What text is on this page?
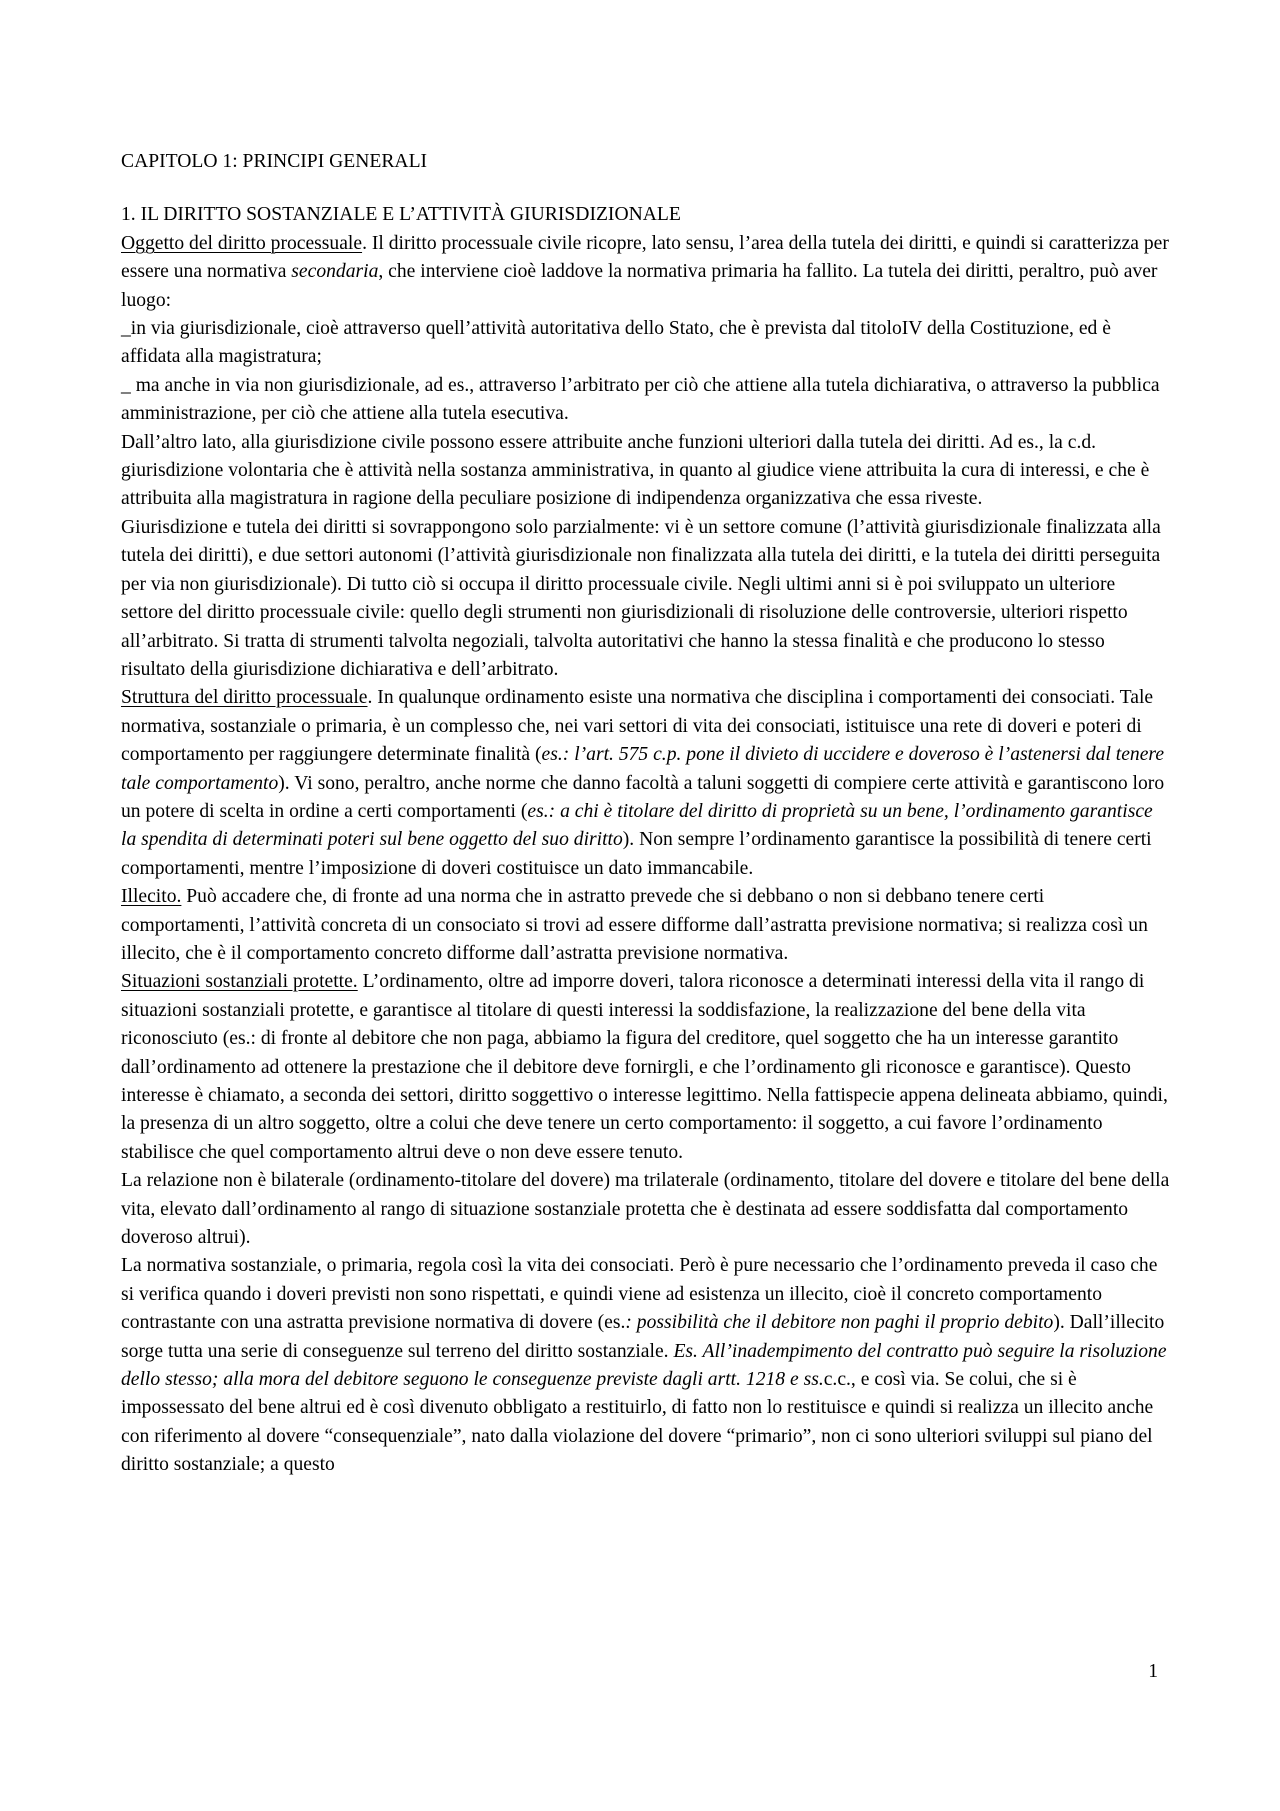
CAPITOLO 1: PRINCIPI GENERALI
1. IL DIRITTO SOSTANZIALE E L’ATTIVITÀ GIURISDIZIONALE

Oggetto del diritto processuale. Il diritto processuale civile ricopre, lato sensu, l’area della tutela dei diritti, e quindi si caratterizza per essere una normativa secondaria, che interviene cioè laddove la normativa primaria ha fallito. La tutela dei diritti, peraltro, può aver luogo:

_in via giurisdizionale, cioè attraverso quell’attività autoritativa dello Stato, che è prevista dal titoloIV della Costituzione, ed è affidata alla magistratura;

_ ma anche in via non giurisdizionale, ad es., attraverso l’arbitrato per ciò che attiene alla tutela dichiarativa, o attraverso la pubblica amministrazione, per ciò che attiene alla tutela esecutiva.

Dall’altro lato, alla giurisdizione civile possono essere attribuite anche funzioni ulteriori dalla tutela dei diritti. Ad es., la c.d. giurisdizione volontaria che è attività nella sostanza amministrativa, in quanto al giudice viene attribuita la cura di interessi, e che è attribuita alla magistratura in ragione della peculiare posizione di indipendenza organizzativa che essa riveste.

Giurisdizione e tutela dei diritti si sovrappongono solo parzialmente: vi è un settore comune (l’attività giurisdizionale finalizzata alla tutela dei diritti), e due settori autonomi (l’attività giurisdizionale non finalizzata alla tutela dei diritti, e la tutela dei diritti perseguita per via non giurisdizionale). Di tutto ciò si occupa il diritto processuale civile. Negli ultimi anni si è poi sviluppato un ulteriore settore del diritto processuale civile: quello degli strumenti non giurisdizionali di risoluzione delle controversie, ulteriori rispetto all’arbitrato. Si tratta di strumenti talvolta negoziali, talvolta autoritativi che hanno la stessa finalità e che producono lo stesso risultato della giurisdizione dichiarativa e dell’arbitrato.

Struttura del diritto processuale. In qualunque ordinamento esiste una normativa che disciplina i comportamenti dei consociati. Tale normativa, sostanziale o primaria, è un complesso che, nei vari settori di vita dei consociati, istituisce una rete di doveri e poteri di comportamento per raggiungere determinate finalità (es.: l’art. 575 c.p. pone il divieto di uccidere e doveroso è l’astenersi dal tenere tale comportamento). Vi sono, peraltro, anche norme che danno facoltà a taluni soggetti di compiere certe attività e garantiscono loro un potere di scelta in ordine a certi comportamenti (es.: a chi è titolare del diritto di proprietà su un bene, l’ordinamento garantisce la spendita di determinati poteri sul bene oggetto del suo diritto). Non sempre l’ordinamento garantisce la possibilità di tenere certi comportamenti, mentre l’imposizione di doveri costituisce un dato immancabile.

Illecito. Può accadere che, di fronte ad una norma che in astratto prevede che si debbano o non si debbano tenere certi comportamenti, l’attività concreta di un consociato si trovi ad essere difforme dall’astratta previsione normativa; si realizza così un illecito, che è il comportamento concreto difforme dall’astratta previsione normativa.

Situazioni sostanziali protette. L’ordinamento, oltre ad imporre doveri, talora riconosce a determinati interessi della vita il rango di situazioni sostanziali protette, e garantisce al titolare di questi interessi la soddisfazione, la realizzazione del bene della vita riconosciuto (es.: di fronte al debitore che non paga, abbiamo la figura del creditore, quel soggetto che ha un interesse garantito dall’ordinamento ad ottenere la prestazione che il debitore deve fornirgli, e che l’ordinamento gli riconosce e garantisce). Questo interesse è chiamato, a seconda dei settori, diritto soggettivo o interesse legittimo. Nella fattispecie appena delineata abbiamo, quindi, la presenza di un altro soggetto, oltre a colui che deve tenere un certo comportamento: il soggetto, a cui favore l’ordinamento stabilisce che quel comportamento altrui deve o non deve essere tenuto.

La relazione non è bilaterale (ordinamento-titolare del dovere) ma trilaterale (ordinamento, titolare del dovere e titolare del bene della vita, elevato dall’ordinamento al rango di situazione sostanziale protetta che è destinata ad essere soddisfatta dal comportamento doveroso altrui).

La normativa sostanziale, o primaria, regola così la vita dei consociati. Però è pure necessario che l’ordinamento preveda il caso che si verifica quando i doveri previsti non sono rispettati, e quindi viene ad esistenza un illecito, cioè il concreto comportamento contrastante con una astratta previsione normativa di dovere (es.: possibilità che il debitore non paghi il proprio debito). Dall’illecito sorge tutta una serie di conseguenze sul terreno del diritto sostanziale. Es. All’inadempimento del contratto può seguire la risoluzione dello stesso; alla mora del debitore seguono le conseguenze previste dagli artt. 1218 e ss.c.c., e così via. Se colui, che si è impossessato del bene altrui ed è così divenuto obbligato a restituirlo, di fatto non lo restituisce e quindi si realizza un illecito anche con riferimento al dovere “consequenziale”, nato dalla violazione del dovere “primario”, non ci sono ulteriori sviluppi sul piano del diritto sostanziale; a questo

1
